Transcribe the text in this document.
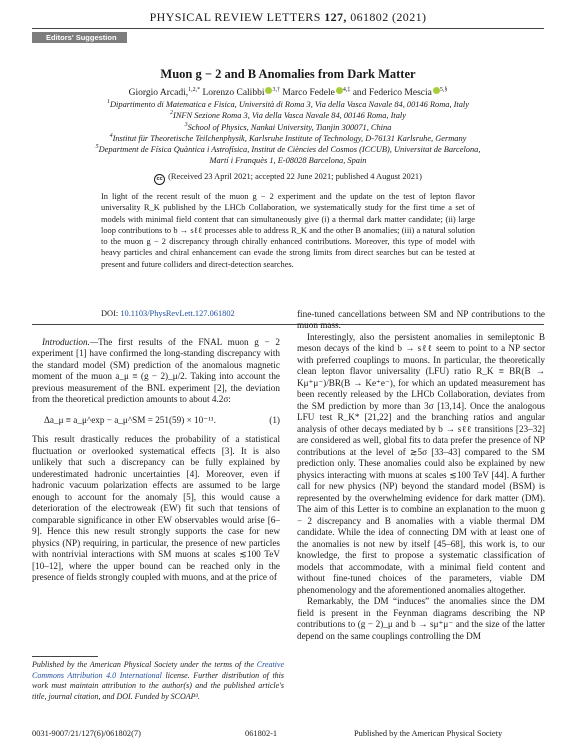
PHYSICAL REVIEW LETTERS 127, 061802 (2021)
Editors' Suggestion
Muon g − 2 and B Anomalies from Dark Matter
Giorgio Arcadi,$^{1,2,*}$ Lorenzo Calibbi $^{3,\dagger}$ Marco Fedele $^{4,\ddagger}$ and Federico Mescia $^{5,\S}$
$^1$Dipartimento di Matematica e Fisica, Università di Roma 3, Via della Vasca Navale 84, 00146 Roma, Italy
$^2$INFN Sezione Roma 3, Via della Vasca Navale 84, 00146 Roma, Italy
$^3$School of Physics, Nankai University, Tianjin 300071, China
$^4$Institut für Theoretische Teilchenphysik, Karlsruhe Institute of Technology, D-76131 Karlsruhe, Germany
$^5$Department de Física Quàntica i Astrofísica, Institut de Ciències del Cosmos (ICCUB), Universitat de Barcelona,
Martí i Franquès 1, E-08028 Barcelona, Spain
cc (Received 23 April 2021; accepted 22 June 2021; published 4 August 2021)
In light of the recent result of the muon g − 2 experiment and the update on the test of lepton flavor universality R_K published by the LHCb Collaboration, we systematically study for the first time a set of models with minimal field content that can simultaneously give (i) a thermal dark matter candidate; (ii) large loop contributions to b → sℓℓ processes able to address R_K and the other B anomalies; (iii) a natural solution to the muon g − 2 discrepancy through chirally enhanced contributions. Moreover, this type of model with heavy particles and chiral enhancement can evade the strong limits from direct searches but can be tested at present and future colliders and direct-detection searches.
DOI: 10.1103/PhysRevLett.127.061802

Introduction.—The first results of the FNAL muon g − 2 experiment [1] have confirmed the long-standing discrepancy with the standard model (SM) prediction of the anomalous magnetic moment of the muon a_μ ≡ (g − 2)_μ/2. Taking into account the previous measurement of the BNL experiment [2], the deviation from the theoretical prediction amounts to about 4.2σ:

Δa_μ ≡ a_μ^exp − a_μ^SM = 251(59) × 10⁻¹¹.	(1)

This result drastically reduces the probability of a statistical fluctuation or overlooked systematical effects [3]. It is also unlikely that such a discrepancy can be fully explained by underestimated hadronic uncertainties [4]. Moreover, even if hadronic vacuum polarization effects are assumed to be large enough to account for the anomaly [5], this would cause a deterioration of the electroweak (EW) fit such that tensions of comparable significance in other EW observables would arise [6–9]. Hence this new result strongly supports the case for new physics (NP) requiring, in particular, the presence of new particles with nontrivial interactions with SM muons at scales ≲100 TeV [10–12], where the upper bound can be reached only in the presence of fields strongly coupled with muons, and at the price of

fine-tuned cancellations between SM and NP contributions to the muon mass.

Interestingly, also the persistent anomalies in semileptonic B meson decays of the kind b → sℓℓ seem to point to a NP sector with preferred couplings to muons. In particular, the theoretically clean lepton flavor universality (LFU) ratio R_K ≡ BR(B → Kμ⁺μ⁻)/BR(B → Ke⁺e⁻), for which an updated measurement has been recently released by the LHCb Collaboration, deviates from the SM prediction by more than 3σ [13,14]. Once the analogous LFU test R_K* [21,22] and the branching ratios and angular analysis of other decays mediated by b → sℓℓ transitions [23–32] are considered as well, global fits to data prefer the presence of NP contributions at the level of ≳5σ [33–43] compared to the SM prediction only. These anomalies could also be explained by new physics interacting with muons at scales ≲100 TeV [44]. A further call for new physics (NP) beyond the standard model (BSM) is represented by the overwhelming evidence for dark matter (DM). The aim of this Letter is to combine an explanation to the muon g − 2 discrepancy and B anomalies with a viable thermal DM candidate. While the idea of connecting DM with at least one of the anomalies is not new by itself [45–68], this work is, to our knowledge, the first to propose a systematic classification of models that accommodate, with a minimal field content and without fine-tuned choices of the parameters, viable DM phenomenology and the aforementioned anomalies altogether.

Remarkably, the DM “induces” the anomalies since the DM field is present in the Feynman diagrams describing the NP contributions to (g − 2)_μ and b → sμ⁺μ⁻ and the size of the latter depend on the same couplings controlling the DM

Published by the American Physical Society under the terms of the Creative Commons Attribution 4.0 International license. Further distribution of this work must maintain attribution to the author(s) and the published article's title, journal citation, and DOI. Funded by SCOAP³.
0031-9007/21/127(6)/061802(7)	061802-1	Published by the American Physical Society
